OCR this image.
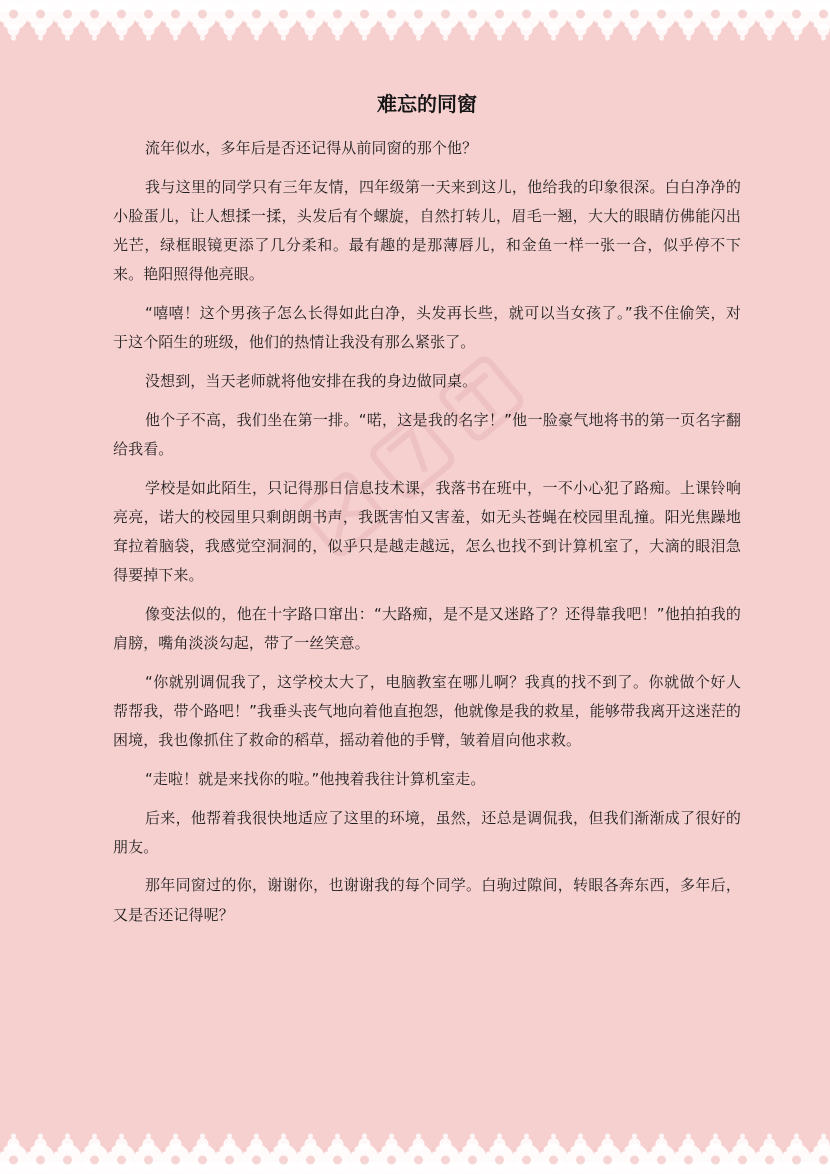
难忘的同窗

流年似水，多年后是否还记得从前同窗的那个他？

我与这里的同学只有三年友情，四年级第一天来到这儿，他给我的印象很深。白白净净的小脸蛋儿，让人想揉一揉，头发后有个螺旋，自然打转儿，眉毛一翘，大大的眼睛仿佛能闪出光芒，绿框眼镜更添了几分柔和。最有趣的是那薄唇儿，和金鱼一样一张一合，似乎停不下来。艳阳照得他亮眼。

“嘻嘻！这个男孩子怎么长得如此白净，头发再长些，就可以当女孩了。”我不住偷笑，对于这个陌生的班级，他们的热情让我没有那么紧张了。

没想到，当天老师就将他安排在我的身边做同桌。

他个子不高，我们坐在第一排。“喏，这是我的名字！”他一脸豪气地将书的第一页名字翻给我看。

学校是如此陌生，只记得那日信息技术课，我落书在班中，一不小心犯了路痴。上课铃响亮亮，诺大的校园里只剩朗朗书声，我既害怕又害羞，如无头苍蝇在校园里乱撞。阳光焦躁地耷拉着脑袋，我感觉空洞洞的，似乎只是越走越远，怎么也找不到计算机室了，大滴的眼泪急得要掉下来。

像变法似的，他在十字路口窜出：“大路痴，是不是又迷路了？还得靠我吧！”他拍拍我的肩膀，嘴角淡淡勾起，带了一丝笑意。

“你就别调侃我了，这学校太大了，电脑教室在哪儿啊？我真的找不到了。你就做个好人帮帮我，带个路吧！”我垂头丧气地向着他直抱怨，他就像是我的救星，能够带我离开这迷茫的困境，我也像抓住了救命的稻草，摇动着他的手臂，皱着眉向他求救。

“走啦！就是来找你的啦。”他拽着我往计算机室走。

后来，他帮着我很快地适应了这里的环境，虽然，还总是调侃我，但我们渐渐成了很好的朋友。

那年同窗过的你，谢谢你，也谢谢我的每个同学。白驹过隙间，转眼各奔东西，多年后，又是否还记得呢？
